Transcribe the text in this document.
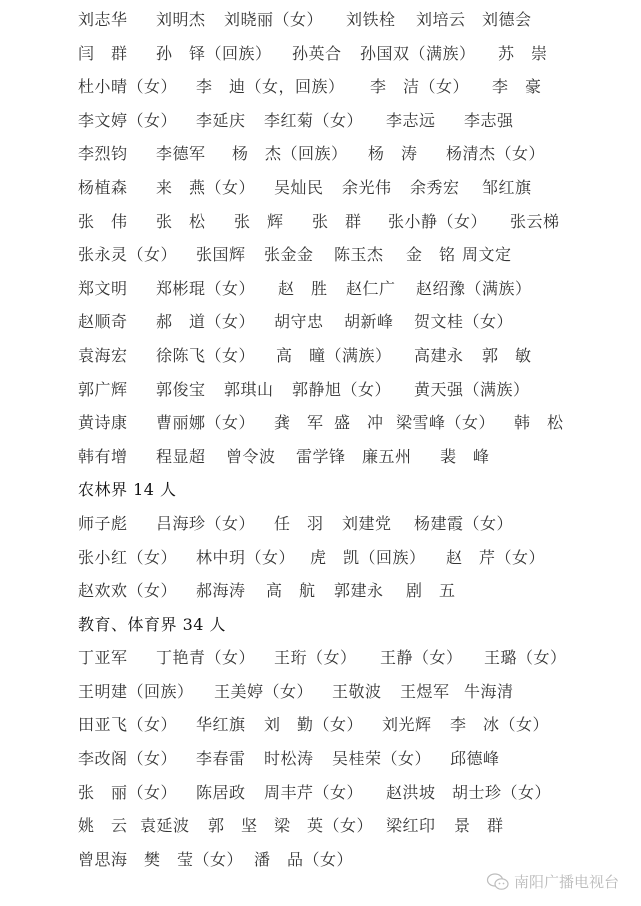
刘志华 刘明杰 刘晓丽（女） 刘铁栓 刘培云 刘德会
闫　群 孙　铎（回族） 孙英合 孙国双（满族） 苏　崇
杜小晴（女） 李　迪（女，回族） 李　洁（女） 李　豪
李文婷（女） 李延庆 李红菊（女） 李志远 李志强
李烈钧 李德军 杨　杰（回族） 杨　涛 杨清杰（女）
杨植森 来　燕（女） 吴灿民 余光伟 余秀宏 邹红旗
张　伟 张　松 张　辉 张　群 张小静（女） 张云梯
张永灵（女） 张国辉 张金金 陈玉杰 金　铭 周文定
郑文明 郑彬琨（女） 赵　胜 赵仁广 赵绍豫（满族）
赵顺奇 郝　道（女） 胡守忠 胡新峰 贺文桂（女）
袁海宏 徐陈飞（女） 高　曈（满族） 高建永 郭　敏
郭广辉 郭俊宝 郭琪山 郭静旭（女） 黄天强（满族）
黄诗康 曹丽娜（女） 龚　军 盛　冲 梁雪峰（女） 韩　松
韩有增 程显超 曾令波 雷学锋 廉五州 裴　峰
农林界 14 人
师子彪 吕海珍（女） 任　羽 刘建党 杨建霞（女）
张小红（女） 林中玥（女） 虎　凯（回族） 赵　芹（女）
赵欢欢（女） 郝海涛 高　航 郭建永 剧　五
教育、体育界 34 人
丁亚军 丁艳青（女） 王珩（女） 王静（女） 王璐（女）
王明建（回族） 王美婷（女） 王敬波 王煜军 牛海清
田亚飞（女） 华红旗 刘　勤（女） 刘光辉 李　冰（女）
李改阁（女） 李春雷 时松涛 吴桂荣（女） 邱德峰
张　丽（女） 陈居政 周丰芹（女） 赵洪坡 胡士珍（女）
姚　云 袁延波 郭　坚 梁　英（女） 梁红印 景　群
曾思海 樊　莹（女） 潘　品（女）
南阳广播电视台
